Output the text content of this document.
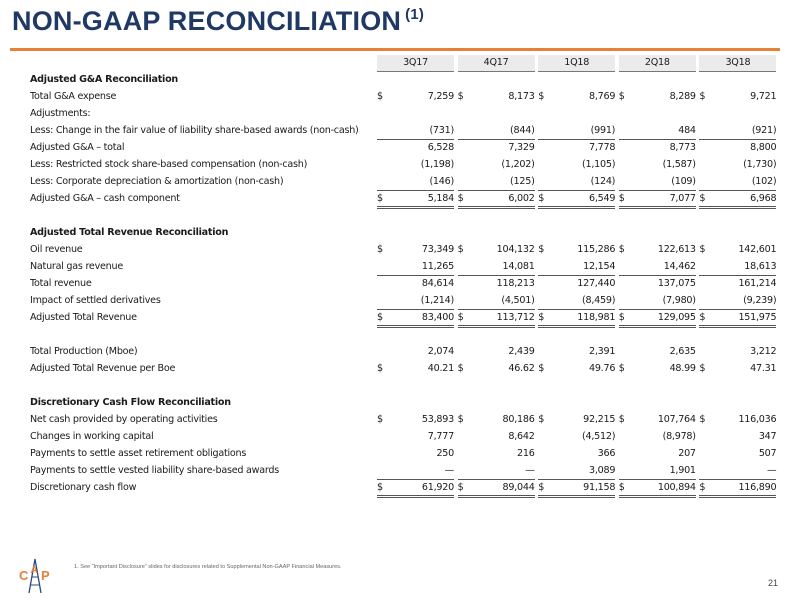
NON-GAAP RECONCILIATION $^{(1)}$
	3Q17			4Q17			1Q18			2Q18			3Q18	
Adjusted G&A Reconciliation														
Total G&A expense	$	7,259		$	8,173		$	8,769		$	8,289		$	9,721
Adjustments:														
Less: Change in the fair value of liability share-based awards (non-cash)		(731)			(844)			(991)			484			(921)
Adjusted G&A – total		6,528			7,329			7,778			8,773			8,800
Less: Restricted stock share-based compensation (non-cash)		(1,198)			(1,202)			(1,105)			(1,587)			(1,730)
Less: Corporate depreciation & amortization (non-cash)		(146)			(125)			(124)			(109)			(102)
Adjusted G&A – cash component	$	5,184		$	6,002		$	6,549		$	7,077		$	6,968

Adjusted Total Revenue Reconciliation														
Oil revenue	$	73,349		$	104,132		$	115,286		$	122,613		$	142,601
Natural gas revenue		11,265			14,081			12,154			14,462			18,613
Total revenue		84,614			118,213			127,440			137,075			161,214
Impact of settled derivatives		(1,214)			(4,501)			(8,459)			(7,980)			(9,239)
Adjusted Total Revenue	$	83,400		$	113,712		$	118,981		$	129,095		$	151,975

Total Production (Mboe)		2,074			2,439			2,391			2,635			3,212
Adjusted Total Revenue per Boe	$	40.21		$	46.62		$	49.76		$	48.99		$	47.31

Discretionary Cash Flow Reconciliation														
Net cash provided by operating activities	$	53,893		$	80,186		$	92,215		$	107,764		$	116,036
Changes in working capital		7,777			8,642			(4,512)			(8,978)			347
Payments to settle asset retirement obligations		250			216			366			207			507
Payments to settle vested liability share-based awards		—			—			3,089			1,901			—
Discretionary cash flow	$	61,920		$	89,044		$	91,158		$	100,894		$	116,890
C A P
1. See “Important Disclosure” slides for disclosures related to Supplemental Non-GAAP Financial Measures.
21
